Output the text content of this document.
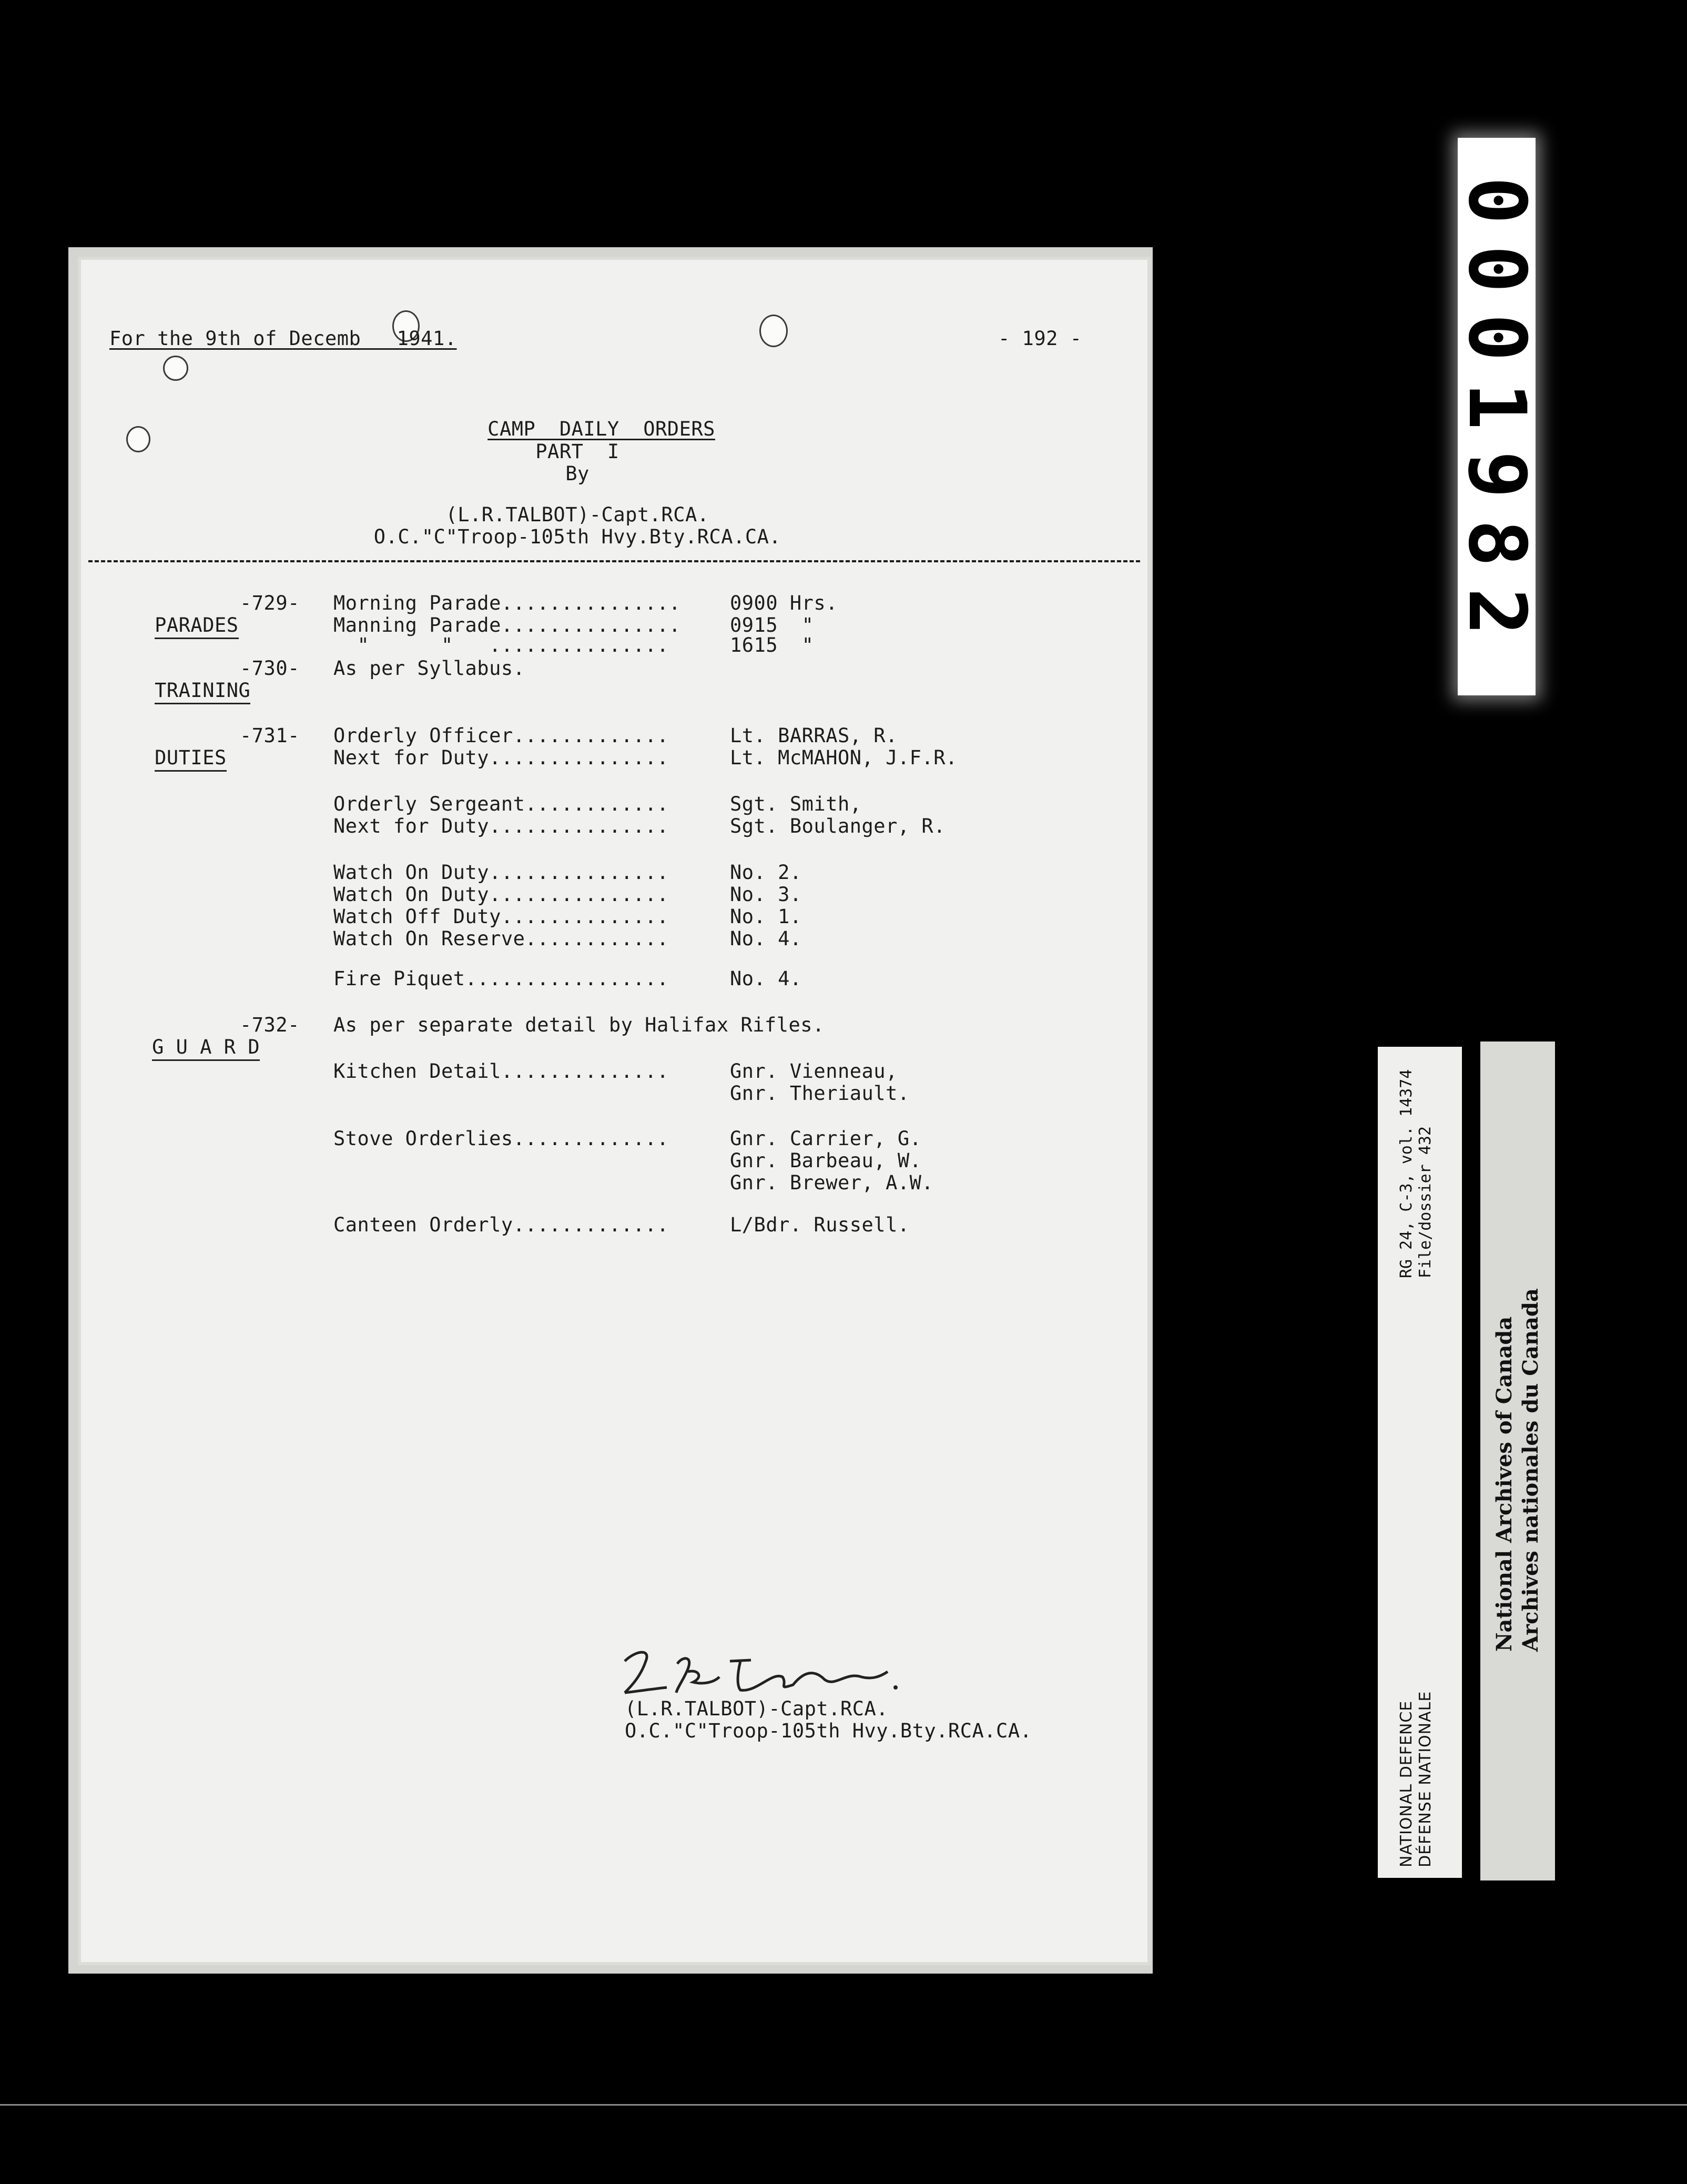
For the 9th of Decemb   1941.	- 192 -

CAMP  DAILY  ORDERS

PART  I
By
(L.R.TALBOT)-Capt.RCA.
O.C."C"Troop-105th Hvy.Bty.RCA.CA.

PARADES

-729- Morning Parade...............	0900 Hrs.
Manning Parade...............	0915  "
"      "   ...............	1615  "

TRAINING

-730- As per Syllabus.

DUTIES

-731- Orderly Officer.............	Lt. BARRAS, R.
Next for Duty...............	Lt. McMAHON, J.F.R.
Orderly Sergeant............	Sgt. Smith,
Next for Duty...............	Sgt. Boulanger, R.
Watch On Duty...............	No. 2.
Watch On Duty...............	No. 3.
Watch Off Duty..............	No. 1.
Watch On Reserve............	No. 4.
Fire Piquet.................	No. 4.

G U A R D

-732- As per separate detail by Halifax Rifles.
Kitchen Detail..............	Gnr. Vienneau,
Gnr. Theriault.
Stove Orderlies.............	Gnr. Carrier, G.
Gnr. Barbeau, W.
Gnr. Brewer, A.W.
Canteen Orderly.............	L/Bdr. Russell.
(L.R.TALBOT)-Capt.RCA.
O.C."C"Troop-105th Hvy.Bty.RCA.CA.
0001982
RG 24, C-3, vol. 14374 File/dossier 432
NATIONAL DEFENCE DÉFENSE NATIONALE
National Archives of Canada Archives nationales du Canada
